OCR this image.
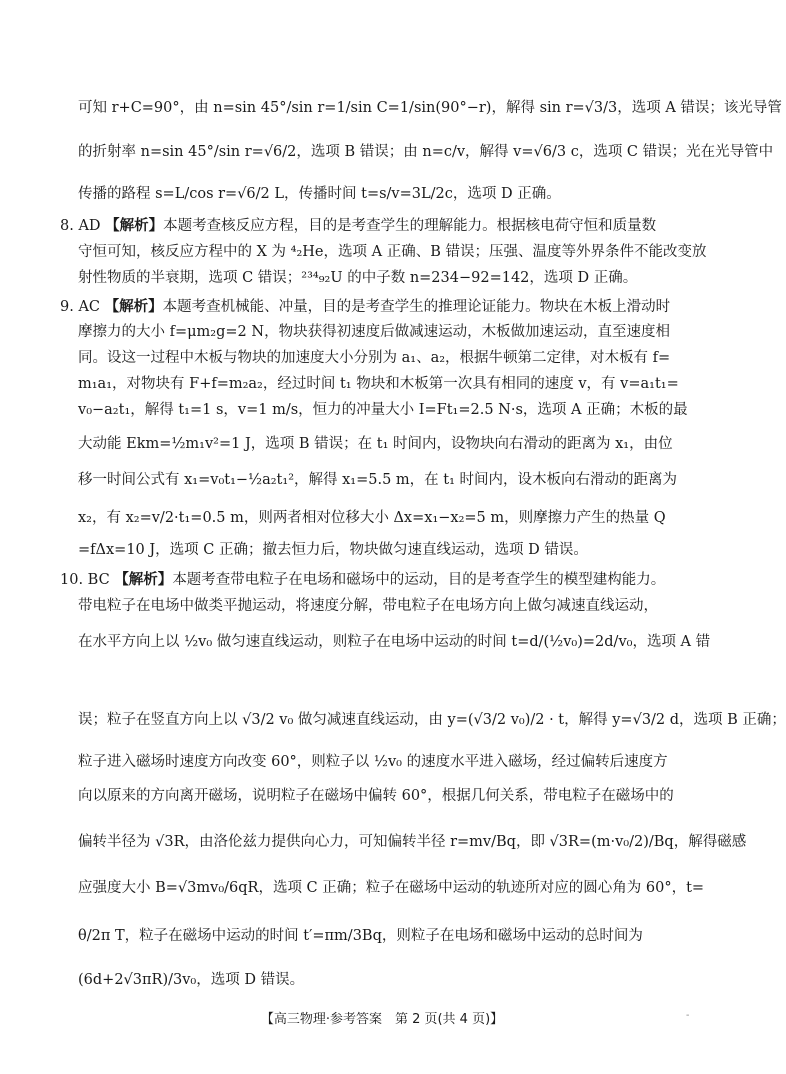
可知 r+C=90°，由 n=sin 45°/sin r=1/sin C=1/sin(90°−r)，解得 sin r=√3/3，选项 A 错误；该光导管
的折射率 n=sin 45°/sin r=√6/2，选项 B 错误；由 n=c/v，解得 v=√6/3 c，选项 C 错误；光在光导管中
传播的路程 s=L/cos r=√6/2 L，传播时间 t=s/v=3L/2c，选项 D 正确。
8. AD 【解析】本题考查核反应方程，目的是考查学生的理解能力。根据核电荷守恒和质量数
守恒可知，核反应方程中的 X 为 ⁴₂He，选项 A 正确、B 错误；压强、温度等外界条件不能改变放
射性物质的半衰期，选项 C 错误；²³⁴₉₂U 的中子数 n=234−92=142，选项 D 正确。
9. AC 【解析】本题考查机械能、冲量，目的是考查学生的推理论证能力。物块在木板上滑动时
摩擦力的大小 f=μm₂g=2 N，物块获得初速度后做减速运动，木板做加速运动，直至速度相
同。设这一过程中木板与物块的加速度大小分别为 a₁、a₂，根据牛顿第二定律，对木板有 f=
m₁a₁，对物块有 F+f=m₂a₂，经过时间 t₁ 物块和木板第一次具有相同的速度 v，有 v=a₁t₁=
v₀−a₂t₁，解得 t₁=1 s，v=1 m/s，恒力的冲量大小 I=Ft₁=2.5 N·s，选项 A 正确；木板的最
大动能 Ekm=½m₁v²=1 J，选项 B 错误；在 t₁ 时间内，设物块向右滑动的距离为 x₁，由位
移一时间公式有 x₁=v₀t₁−½a₂t₁²，解得 x₁=5.5 m，在 t₁ 时间内，设木板向右滑动的距离为
x₂，有 x₂=v/2·t₁=0.5 m，则两者相对位移大小 Δx=x₁−x₂=5 m，则摩擦力产生的热量 Q
=fΔx=10 J，选项 C 正确；撤去恒力后，物块做匀速直线运动，选项 D 错误。
10. BC 【解析】本题考查带电粒子在电场和磁场中的运动，目的是考查学生的模型建构能力。
带电粒子在电场中做类平抛运动，将速度分解，带电粒子在电场方向上做匀减速直线运动，
在水平方向上以 ½v₀ 做匀速直线运动，则粒子在电场中运动的时间 t=d/(½v₀)=2d/v₀，选项 A 错
误；粒子在竖直方向上以 √3/2 v₀ 做匀减速直线运动，由 y=(√3/2 v₀)/2 · t，解得 y=√3/2 d，选项 B 正确；
粒子进入磁场时速度方向改变 60°，则粒子以 ½v₀ 的速度水平进入磁场，经过偏转后速度方
向以原来的方向离开磁场，说明粒子在磁场中偏转 60°，根据几何关系，带电粒子在磁场中的
偏转半径为 √3R，由洛伦兹力提供向心力，可知偏转半径 r=mv/Bq，即 √3R=(m·v₀/2)/Bq，解得磁感
应强度大小 B=√3mv₀/6qR，选项 C 正确；粒子在磁场中运动的轨迹所对应的圆心角为 60°，t=
θ/2π T，粒子在磁场中运动的时间 t′=πm/3Bq，则粒子在电场和磁场中运动的总时间为
(6d+2√3πR)/3v₀，选项 D 错误。
【高三物理·参考答案　第 2 页(共 4 页)】	-
